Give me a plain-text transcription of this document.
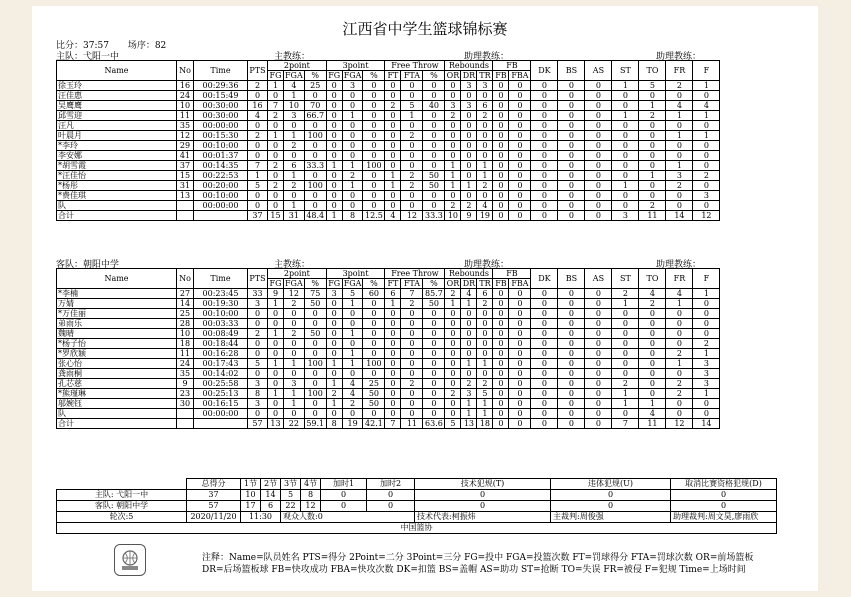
江西省中学生篮球锦标赛
比分：37:57 场序：82
主队：弋阳一中	主教练：	助理教练：	助理教练：
Name	No	Time	PTS	2point			3point			Free Throw			Rebounds			FB		DK	BS	AS	ST	TO	FR	F
				FG	FGA	%	FG	FGA	%	FT	FTA	%	OR	DR	TR	FB	FBA							
徐玉玲	16	00:29:36	2	1	4	25	0	3	0	0	0	0	0	3	3	0	0	0	0	0	1	5	2	1
汪佳惠	24	00:15:49	0	0	1	0	0	0	0	0	0	0	0	0	0	0	0	0	0	0	0	0	0	0
吴鹰鹰	10	00:30:00	16	7	10	70	0	0	0	2	5	40	3	3	6	0	0	0	0	0	0	1	4	4
邱雪迎	11	00:30:00	4	2	3	66.7	0	1	0	0	1	0	2	0	2	0	0	0	0	0	1	2	1	1
汪凡	35	00:00:00	0	0	0	0	0	0	0	0	0	0	0	0	0	0	0	0	0	0	0	0	0	0
叶晨月	12	00:15:30	2	1	1	100	0	0	0	0	2	0	0	0	0	0	0	0	0	0	0	0	1	1
*李玲	29	00:10:00	0	0	2	0	0	0	0	0	0	0	0	0	0	0	0	0	0	0	0	0	0	0
李安娜	41	00:01:37	0	0	0	0	0	0	0	0	0	0	0	0	0	0	0	0	0	0	0	0	0	0
*胡雪霞	37	00:14:35	7	2	6	33.3	1	1	100	0	0	0	1	0	1	0	0	0	0	0	0	0	1	0
*汪佳怡	15	00:22:53	1	0	1	0	0	2	0	1	2	50	1	0	1	0	0	0	0	0	0	1	3	2
*杨彤	31	00:20:00	5	2	2	100	0	1	0	1	2	50	1	1	2	0	0	0	0	0	1	0	2	0
*费佳琪	13	00:10:00	0	0	0	0	0	0	0	0	0	0	0	0	0	0	0	0	0	0	0	0	0	3
队		00:00:00	0	0	1	0	0	0	0	0	0	0	2	2	4	0	0	0	0	0	0	2	0	0
合计			37	15	31	48.4	1	8	12.5	4	12	33.3	10	9	19	0	0	0	0	0	3	11	14	12
客队：朝阳中学	主教练：	助理教练：	助理教练：
Name	No	Time	PTS	2point			3point			Free Throw			Rebounds			FB		DK	BS	AS	ST	TO	FR	F
				FG	FGA	%	FG	FGA	%	FT	FTA	%	OR	DR	TR	FB	FBA							
*李楠	27	00:23:45	33	9	12	75	3	5	60	6	7	85.7	2	4	6	0	0	0	0	0	2	4	4	1
万婧	14	00:19:30	3	1	2	50	0	1	0	1	2	50	1	1	2	0	0	0	0	0	1	2	1	0
*万佳丽	25	00:10:00	0	0	0	0	0	0	0	0	0	0	0	0	0	0	0	0	0	0	0	0	0	0
弟雨乐	28	00:03:33	0	0	0	0	0	0	0	0	0	0	0	0	0	0	0	0	0	0	0	0	0	0
魏晴	10	00:08:49	2	1	2	50	0	1	0	0	0	0	0	0	0	0	0	0	0	0	0	0	0	0
*杨子怡	18	00:18:44	0	0	0	0	0	0	0	0	0	0	0	0	0	0	0	0	0	0	0	0	0	2
*罗欣颖	11	00:16:28	0	0	0	0	0	1	0	0	0	0	0	0	0	0	0	0	0	0	0	0	2	1
张心怡	24	00:17:43	5	1	1	100	1	1	100	0	0	0	0	1	1	0	0	0	0	0	0	0	1	3
龚雨桐	35	00:14:02	0	0	0	0	0	0	0	0	0	0	0	0	0	0	0	0	0	0	0	0	0	3
孔芯慈	9	00:25:58	3	0	3	0	1	4	25	0	2	0	0	2	2	0	0	0	0	0	2	0	2	3
*熊瑾琳	23	00:25:13	8	1	1	100	2	4	50	0	0	0	2	3	5	0	0	0	0	0	1	0	2	1
邬婉钰	30	00:16:15	3	0	1	0	1	2	50	0	0	0	0	1	1	0	0	0	0	0	1	1	0	0
队		00:00:00	0	0	0	0	0	0	0	0	0	0	0	1	1	0	0	0	0	0	0	4	0	0
合计			57	13	22	59.1	8	19	42.1	7	11	63.6	5	13	18	0	0	0	0	0	7	11	12	14
	总得分	1节	2节	3节	4节	加时1	加时2	技术犯规(T)	违体犯规(U)	取消比赛资格犯规(D)
主队: 弋阳一中	37	10	14	5	8	0	0	0	0	0
客队: 朝阳中学	57	17	6	22	12	0	0	0	0	0
轮次:5	2020/11/20	11:30		观众人数:0				技术代表:柯振炜	主裁判:周俊强	助理裁判:周文昊,廖雨欣
中国篮协										
注释：Name=队员姓名 PTS=得分 2Point=二分 3Point=三分 FG=投中 FGA=投篮次数 FT=罚球得分 FTA=罚球次数 OR=前场篮板
DR=后场篮板球 FB=快攻成功 FBA=快攻次数 DK=扣篮 BS=盖帽 AS=助功 ST=抢断 TO=失误 FR=被侵 F=犯规 Time=上场时间
